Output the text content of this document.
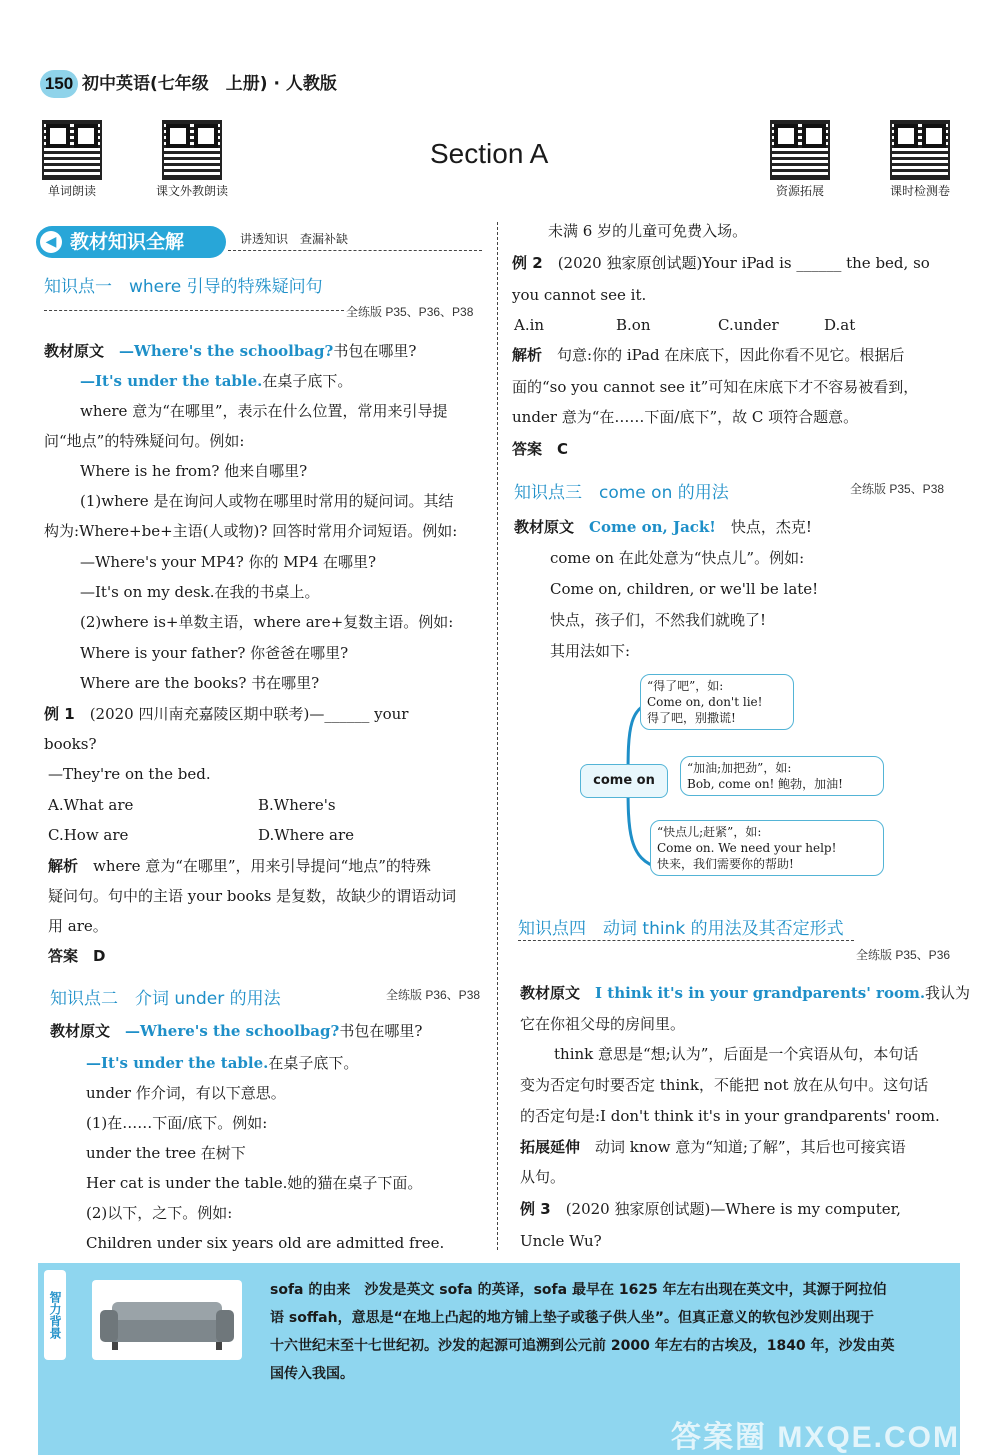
150 初中英语(七年级　上册) · 人教版
单词朗读	课文外教朗读	资源拓展	课时检测卷
Section A
◀ 教材知识全解	讲透知识　查漏补缺
知识点一　where 引导的特殊疑问句
全练版 P35、P36、P38
教材原文　 —Where's the schoolbag?书包在哪里?
—It's under the table.在桌子底下。
where 意为“在哪里”，表示在什么位置，常用来引导提
问“地点”的特殊疑问句。例如:
Where is he from? 他来自哪里?
(1)where 是在询问人或物在哪里时常用的疑问词。其结
构为:Where+be+主语(人或物)? 回答时常用介词短语。例如:
—Where's your MP4? 你的 MP4 在哪里?
—It's on my desk.在我的书桌上。
(2)where is+单数主语，where are+复数主语。例如:
Where is your father? 你爸爸在哪里?
Where are the books? 书在哪里?
例 1　 (2020 四川南充嘉陵区期中联考)—______ your
books?
—They're on the bed.
A.What are	B.Where's
C.How are	D.Where are
解析　 where 意为“在哪里”，用来引导提问“地点”的特殊
疑问句。句中的主语 your books 是复数，故缺少的谓语动词
用 are。
答案　 D
知识点二　介词 under 的用法	全练版 P36、P38
教材原文　 —Where's the schoolbag?书包在哪里?
—It's under the table.在桌子底下。
under 作介词，有以下意思。
(1)在……下面/底下。例如:
under the tree 在树下
Her cat is under the table.她的猫在桌子下面。
(2)以下，之下。例如:
Children under six years old are admitted free.
未满 6 岁的儿童可免费入场。
例 2　 (2020 独家原创试题)Your iPad is ______ the bed, so
you cannot see it.
A.in	B.on	C.under	D.at
解析　 句意:你的 iPad 在床底下，因此你看不见它。根据后
面的“so you cannot see it”可知在床底下才不容易被看到，
under 意为“在……下面/底下”，故 C 项符合题意。
答案　 C
知识点三　come on 的用法	全练版 P35、P38
教材原文　 Come on, Jack!　 快点，杰克!
come on 在此处意为“快点儿”。例如:
Come on, children, or we'll be late!
快点，孩子们，不然我们就晚了!
其用法如下:
come on
“得了吧”，如:
Come on, don't lie!
得了吧，别撒谎!
“加油;加把劲”，如:
Bob, come on! 鲍勃，加油!
“快点儿;赶紧”，如:
Come on. We need your help!
快来，我们需要你的帮助!
知识点四　动词 think 的用法及其否定形式
全练版 P35、P36
教材原文　 I think it's in your grandparents' room.我认为
它在你祖父母的房间里。
think 意思是“想;认为”，后面是一个宾语从句，本句话
变为否定句时要否定 think，不能把 not 放在从句中。这句话
的否定句是:I don't think it's in your grandparents' room.
拓展延伸　 动词 know 意为“知道;了解”，其后也可接宾语
从句。
例 3　 (2020 独家原创试题)—Where is my computer,
Uncle Wu?
智力背景
sofa 的由来　沙发是英文 sofa 的英译，sofa 最早在 1625 年左右出现在英文中，其源于阿拉伯
语 soffah，意思是“在地上凸起的地方铺上垫子或毯子供人坐”。但真正意义的软包沙发则出现于
十六世纪末至十七世纪初。沙发的起源可追溯到公元前 2000 年左右的古埃及，1840 年，沙发由英
国传入我国。
答案圈 MXQE.COM
